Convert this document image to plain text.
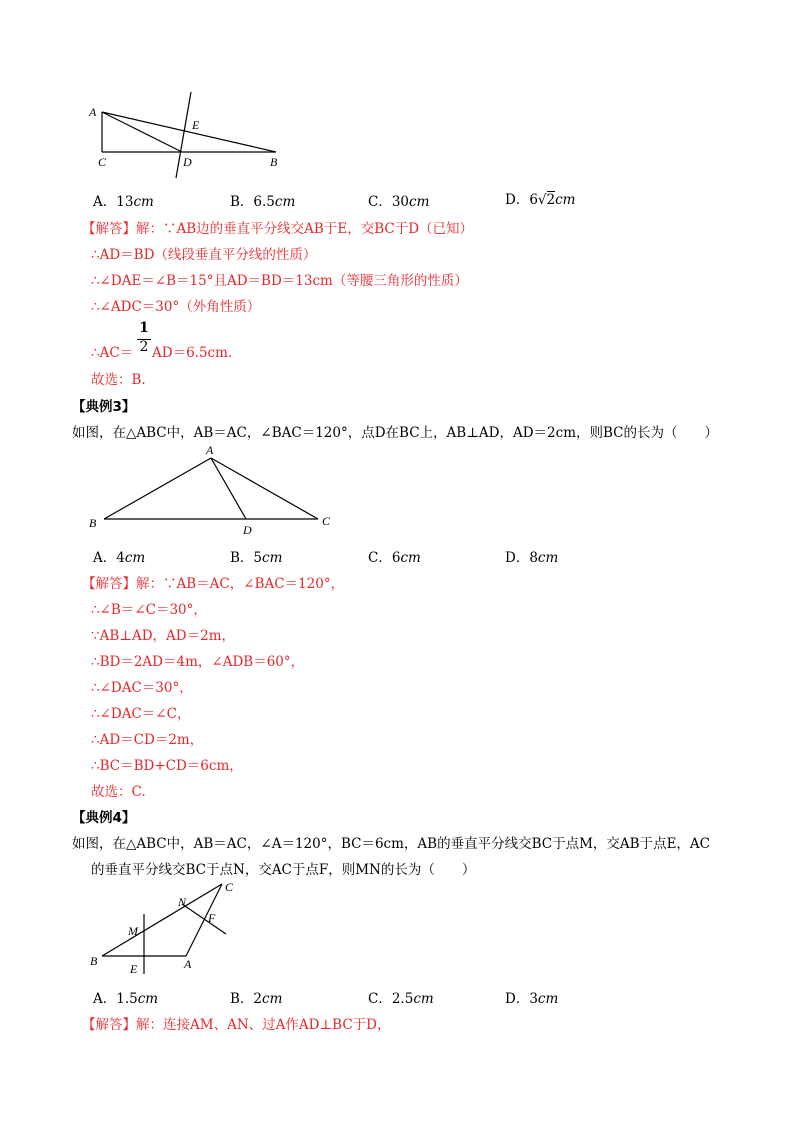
A
E
C	D	B
A．13cm	B．6.5cm	C．30cm	D．6√2cm
【解答】解：∵AB边的垂直平分线交AB于E，交BC于D（已知）
∴AD＝BD（线段垂直平分线的性质）
∴∠DAE＝∠B＝15°且AD＝BD＝13cm（等腰三角形的性质）
∴∠ADC＝30°（外角性质）
∴AC＝
1
2 AD＝6.5cm.
故选：B.
【典例3】
如图，在△ABC中，AB＝AC，∠BAC＝120°，点D在BC上，AB⊥AD，AD＝2cm，则BC的长为（　　）
A
B	D
C
A．4cm	B．5cm	C．6cm	D．8cm
【解答】解：∵AB＝AC，∠BAC＝120°，
∴∠B＝∠C＝30°，
∵AB⊥AD，AD＝2m，
∴BD＝2AD＝4m，∠ADB＝60°，
∴∠DAC＝30°，
∴∠DAC＝∠C，
∴AD＝CD＝2m，
∴BC＝BD+CD＝6cm，
故选：C.
【典例4】
如图，在△ABC中，AB＝AC，∠A＝120°，BC＝6cm，AB的垂直平分线交BC于点M，交AB于点E，AC
的垂直平分线交BC于点N，交AC于点F，则MN的长为（　　）
C
N
F
M
B
E	A
A．1.5cm	B．2cm	C．2.5cm	D．3cm
【解答】解：连接AM、AN、过A作AD⊥BC于D，
